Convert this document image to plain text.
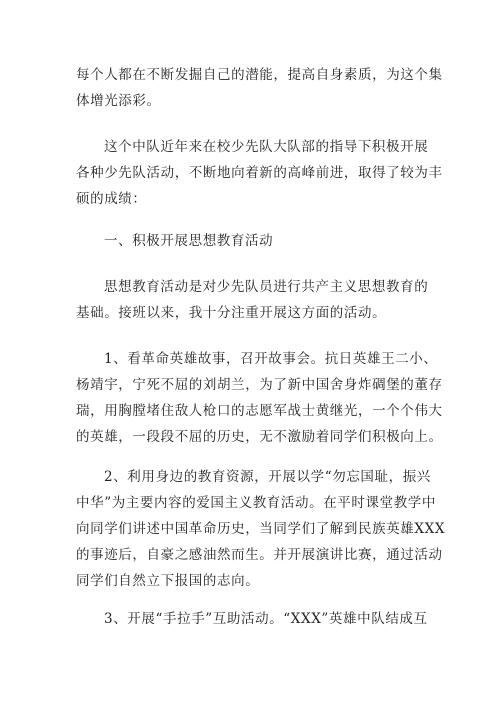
每个人都在不断发掘自己的潜能，提高自身素质，为这个集
体增光添彩。

这个中队近年来在校少先队大队部的指导下积极开展
各种少先队活动，不断地向着新的高峰前进，取得了较为丰
硕的成绩：

一、积极开展思想教育活动

思想教育活动是对少先队员进行共产主义思想教育的
基础。接班以来，我十分注重开展这方面的活动。

1、看革命英雄故事，召开故事会。抗日英雄王二小、
杨靖宇，宁死不屈的刘胡兰，为了新中国舍身炸碉堡的董存
瑞，用胸膛堵住敌人枪口的志愿军战士黄继光，一个个伟大
的英雄，一段段不屈的历史，无不激励着同学们积极向上。

2、利用身边的教育资源，开展以学“勿忘国耻，振兴
中华”为主要内容的爱国主义教育活动。在平时课堂教学中
向同学们讲述中国革命历史，当同学们了解到民族英雄XXX
的事迹后，自豪之感油然而生。并开展演讲比赛，通过活动
同学们自然立下报国的志向。

3、开展“手拉手”互助活动。“XXX”英雄中队结成互
